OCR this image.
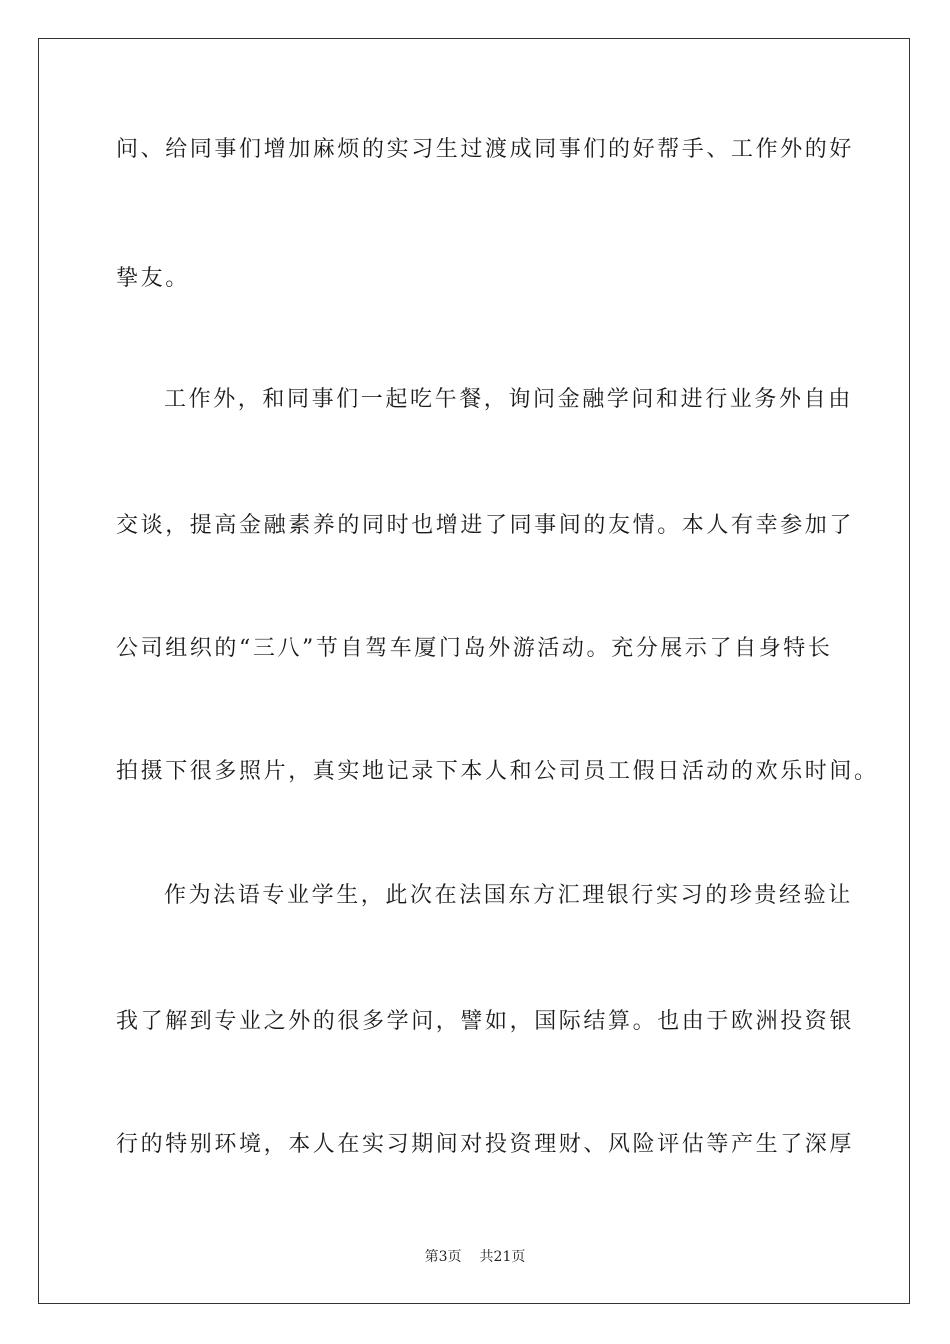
问、给同事们增加麻烦的实习生过渡成同事们的好帮手、工作外的好
挚友。
工作外，和同事们一起吃午餐，询问金融学问和进行业务外自由
交谈，提高金融素养的同时也增进了同事间的友情。本人有幸参加了
公司组织的“三八”节自驾车厦门岛外游活动。充分展示了自身特长
拍摄下很多照片，真实地记录下本人和公司员工假日活动的欢乐时间。
作为法语专业学生，此次在法国东方汇理银行实习的珍贵经验让
我了解到专业之外的很多学问，譬如，国际结算。也由于欧洲投资银
行的特别环境，本人在实习期间对投资理财、风险评估等产生了深厚
第3页 共21页
